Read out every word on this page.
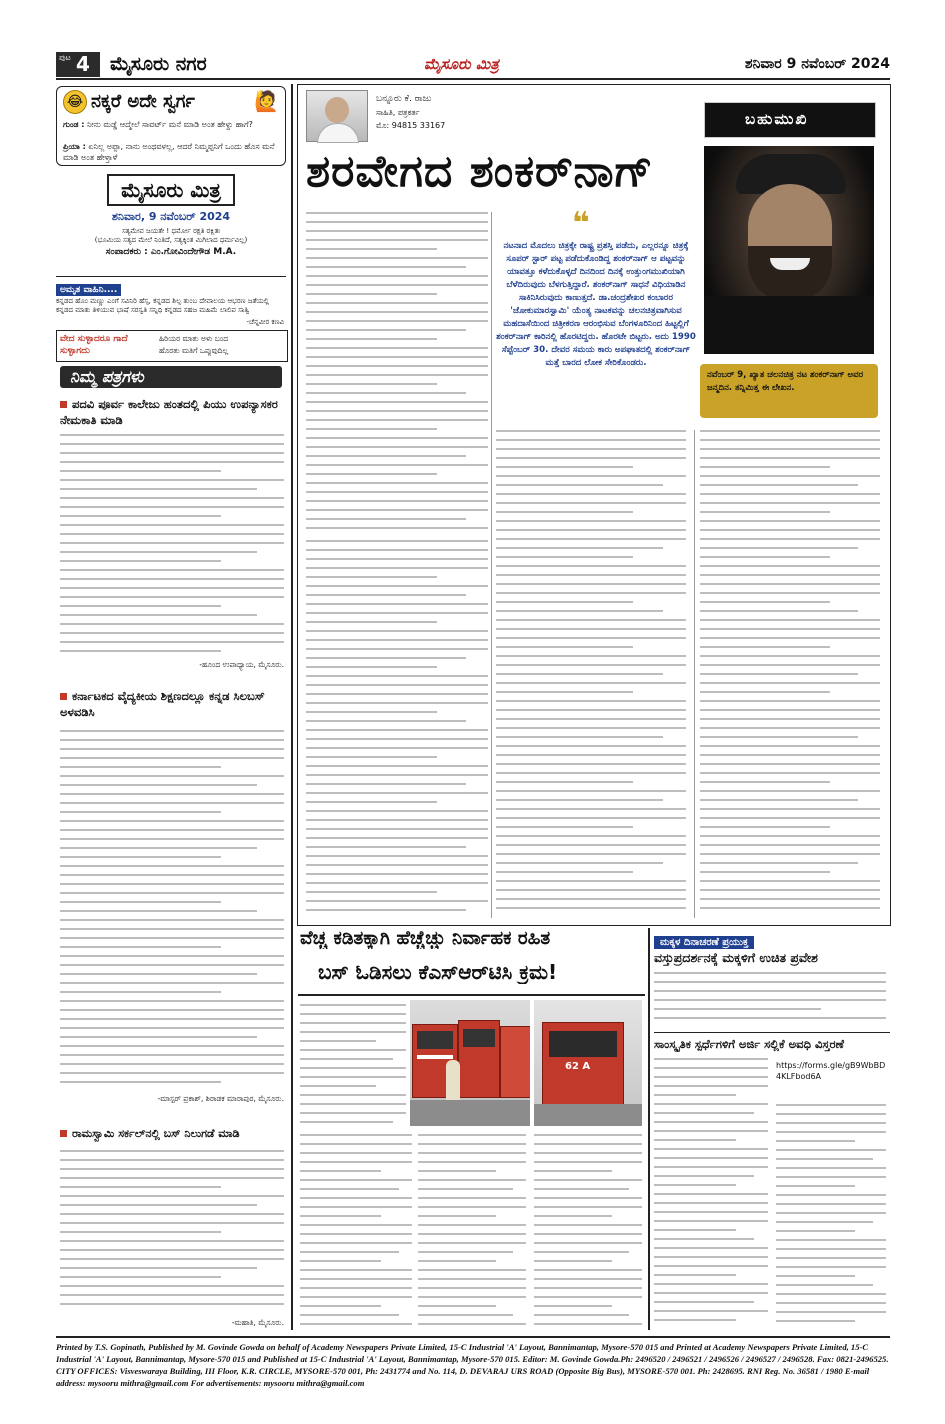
ಪುಟ 4 ಮೈಸೂರು ನಗರ	ಮೈಸೂರು ಮಿತ್ರ	ಶನಿವಾರ 9 ನವೆಂಬರ್ 2024
😂 ನಕ್ಕರೆ ಅದೇ ಸ್ವರ್ಗ	🙋
ಗುಂಡ : ನೀನು ಮಡ್ಡೆ ಆದ್ಮೇಲೆ ಸಾವರ್ಟ್ ಮನೆ ಮಾಡಿ ಅಂತ ಹೇಳ್ದು ಹಾಗೆ?
ಪ್ರಿಯಾ : ಏನಿಲ್ಲ ಅಪ್ಪಾ, ನಾನು ಅಂಥವಳಲ್ಲ, ಆದರೆ ನಿಮ್ಮಪ್ಪನಿಗೆ ಒಂದು ಹೊಸ ಮನೆ ಮಾಡಿ ಅಂತ ಹೇಳ್ತಾಳೆ
ಮೈಸೂರು ಮಿತ್ರ
ಶನಿವಾರ, 9 ನವೆಂಬರ್ 2024
ಸತ್ಯಮೇವ ಜಯತೇ ! ಧರ್ಮೋ ರಕ್ಷತಿ ರಕ್ಷಿತಃ
(ಭೂಮಿಯ ಸತ್ಯದ ಮೇಲೆ ನಿಂತಿದೆ, ಸತ್ಯಕ್ಕಿಂತ ಮಿಗಿಲಾದ ಧರ್ಮವಿಲ್ಲ)
ಸಂಪಾದಕರು : ಎಂ.ಗೋವಿಂದೇಗೌಡ M.A.
ಅಮೃತ ವಾಹಿನಿ....
ಕನ್ನಡದ ಹೊಂ ಮಣ್ಣು ಎಂಗೆ ಸವಿನಿರಿ ಹೆಸ್ಸ, ಕನ್ನಡದ ಶಿಲ್ಪ ತುಂಬ ದೇವಾಲಯ ಆಭರಣ ಜತೆಯಲ್ಲಿ ಕನ್ನಡದ ಮಾತು ತಿಳಿಯುವ ಭಾಷೆ ಸರಸ್ವತಿ ಸನ್ನಿಧಿ ಕನ್ನಡದ ಸಹಜ ಮಹಿಮೆ ಲಾಲಿಪ ಸಾತ್ವಿ
-ಚೆನ್ನವೀರ ಕಣವಿ
ವೇದ ಸುಳ್ಳಾದರೂ ಗಾದೆ ಸುಳ್ಳಾಗದು
ಹಿರಿಯರ ಮಾತು ಅಳು ಬಂದ
ಹೊರತು ಮತಿಗೆ ಒಪ್ಪುವುದಿಲ್ಲ
ನಿಮ್ಮ ಪತ್ರಗಳು
ಪದವಿ ಪೂರ್ವ ಕಾಲೇಜು ಹಂತದಲ್ಲಿ ಪಿಯು ಉಪನ್ಯಾಸಕರ ನೇಮಕಾತಿ ಮಾಡಿ
-ಹೂಂದ ಉಪಾಧ್ಯಾಯ, ಮೈಸೂರು.
ಕರ್ನಾಟಕದ ವೈದ್ಯಕೀಯ ಶಿಕ್ಷಣದಲ್ಲೂ ಕನ್ನಡ ಸಿಲಬಸ್ ಅಳವಡಿಸಿ
-ಮಾಸ್ಟರ್ ಪ್ರಕಾಶ್, ಶಿರಾಡಕ ಮಾರಾಪುರ, ಮೈಸೂರು.
ರಾಮಸ್ವಾಮಿ ಸರ್ಕಲ್‌ನಲ್ಲಿ ಬಸ್ ನಿಲುಗಡೆ ಮಾಡಿ
-ಮಹಾತಿ, ಮೈಸೂರು.
ಬನ್ನೂರು ಕೆ. ರಾಜು
ಸಾಹಿತಿ, ಪತ್ರಕರ್ತ
ಮೊ: 94815 33167
ಶರವೇಗದ ಶಂಕರ್‌ನಾಗ್
❝
ನಟನಾದ ಮೊದಲು ಚಿತ್ರಕ್ಕೇ ರಾಷ್ಟ್ರ ಪ್ರಶಸ್ತಿ ಪಡೆದು, ಎಲ್ಲರನ್ನೂ ಚಿತ್ರಕ್ಕೆ ಸೂಪರ್ ಸ್ಟಾರ್ ಪಟ್ಟ ಪಡೆದುಕೊಂಡಿದ್ದ ಶಂಕರ್‌ನಾಗ್ ಆ ಪಟ್ಟವನ್ನು ಯಾವತ್ತೂ ಕಳೆದುಕೊಳ್ಳದೆ ದಿನದಿಂದ ದಿನಕ್ಕೆ ಉತ್ತುಂಗಮುಖಿಯಾಗಿ ಬೆಳೆದಿರುವುದು ಬೆಳಗುತ್ತಿದ್ದಾರೆ. ಶಂಕರ್‌ನಾಗ್ ಸಾಧನೆ ವಿಧಿಯಾಡಿನ ಸಾಕಿನಿಸಿರುವುದು ಕಾಣುತ್ತದೆ. ಡಾ.ಚಂದ್ರಶೇಖರ ಕಂಬಾರರ 'ಜೋಕುಮಾರಸ್ವಾಮಿ' ಯೆಂತ್ಯ ನಾಟಕವನ್ನು ಚಲನಚಿತ್ರವಾಗಿಸುವ ಮಹದಾಸೆಯಿಂದ ಚಿತ್ರೀಕರಣ ಆರಂಭಿಸುವ ಬೆಂಗಳೂರಿನಿಂದ ಹಿಟ್ಟಲ್ಲಿಗೆ ಶಂಕರ್‌ನಾಗ್ ಕಾರಿನಲ್ಲಿ ಹೊರಟಿದ್ದರು. ಹೊರಟೇ ಬಿಟ್ಟರು. ಅದು 1990 ಸೆಪ್ಟೆಂಬರ್ 30. ದೇವರ ಸಮಯ ಕಾರು ಅಪಘಾತದಲ್ಲಿ ಶಂಕರ್‌ನಾಗ್ ಮತ್ತೆ ಬಾರದ ಲೋಕ ಸೇರಿಕೊಂಡರು.
ಬಹುಮುಖಿ
ನವೆಂಬರ್ 9, ಖ್ಯಾತ ಚಲನಚಿತ್ರ ನಟ ಶಂಕರ್‌ನಾಗ್ ಅವರ ಜನ್ಮದಿನ. ತನ್ನಿಮಿತ್ತ ಈ ಲೇಖನ.
ವೆಚ್ಚ ಕಡಿತಕ್ಕಾಗಿ ಹೆಚ್ಚೆಚ್ಚು ನಿರ್ವಾಹಕ ರಹಿತ
ಬಸ್ ಓಡಿಸಲು ಕೆಎಸ್‌ಆರ್‌ಟಿಸಿ ಕ್ರಮ!
62 A
ಮಕ್ಕಳ ದಿನಾಚರಣೆ ಪ್ರಯುಕ್ತ
ವಸ್ತುಪ್ರದರ್ಶನಕ್ಕೆ ಮಕ್ಕಳಿಗೆ ಉಚಿತ ಪ್ರವೇಶ
ಸಾಂಸ್ಕೃತಿಕ ಸ್ಪರ್ಧೆಗಳಿಗೆ ಅರ್ಜಿ ಸಲ್ಲಿಕೆ ಅವಧಿ ವಿಸ್ತರಣೆ
https://forms.gle/gB9WbBD4KLFbod6A
Printed by T.S. Gopinath, Published by M. Govinde Gowda on behalf of Academy Newspapers Private Limited, 15-C Industrial 'A' Layout, Bannimantap, Mysore-570 015 and Printed at Academy Newspapers Private Limited, 15-C Industrial 'A' Layout, Bannimantap, Mysore-570 015 and Published at 15-C Industrial 'A' Layout, Bannimantap, Mysore-570 015. Editor: M. Govinde Gowda.Ph: 2496520 / 2496521 / 2496526 / 2496527 / 2496528. Fax: 0821-2496525. CITY OFFICES: Visveswaraya Building, III Floor, K.R. CIRCLE, MYSORE-570 001, Ph: 2431774 and No. 114, D. DEVARAJ URS ROAD (Opposite Big Bus), MYSORE-570 001. Ph: 2428695. RNI Reg. No. 36581 / 1980 E-mail address: mysooru mithra@gmail.com For advertisements: mysooru mithra@gmail.com
